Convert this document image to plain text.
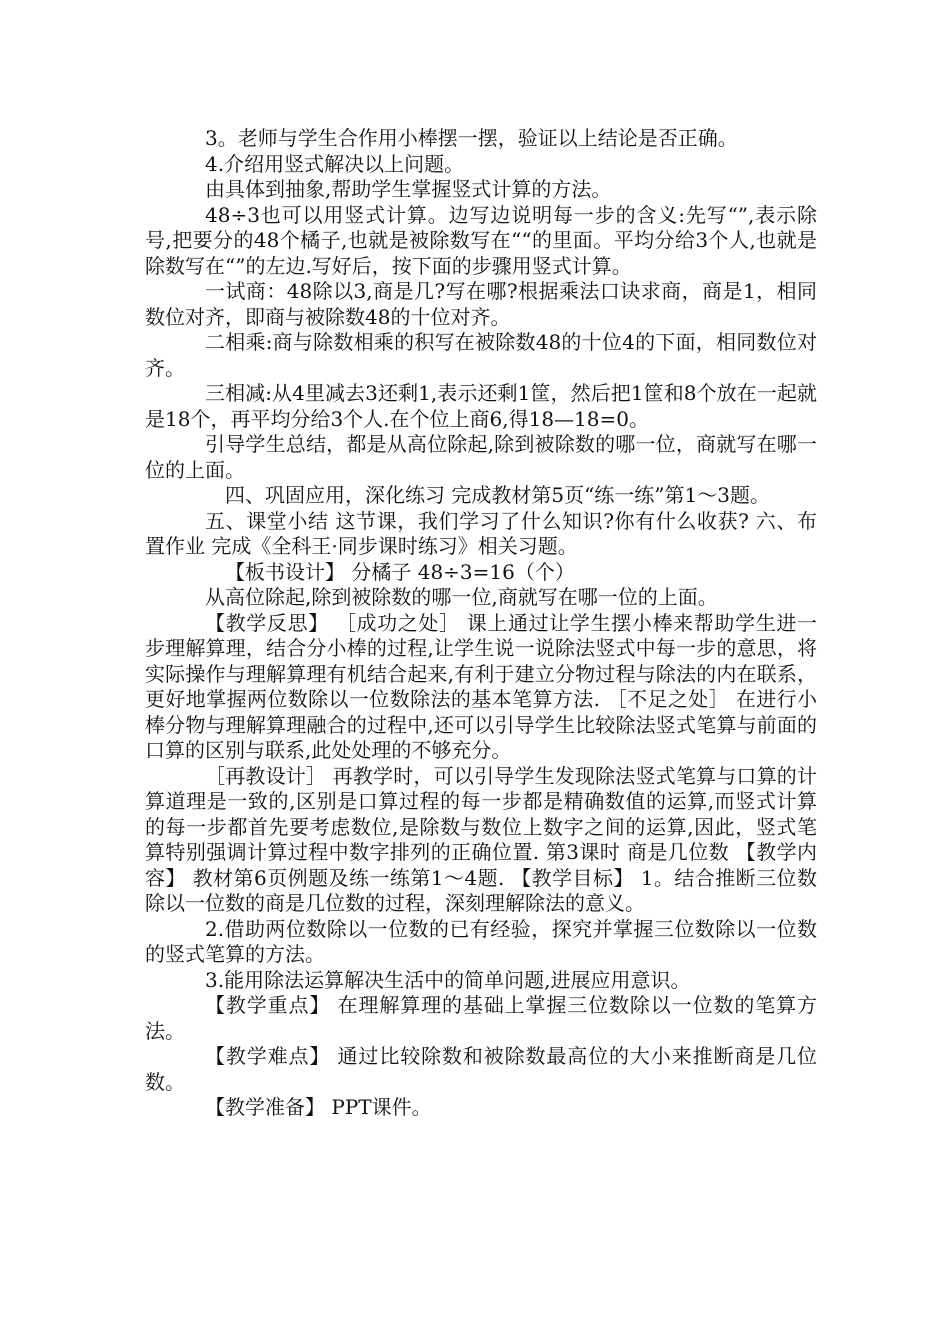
3。老师与学生合作用小棒摆一摆，验证以上结论是否正确。

4.介绍用竖式解决以上问题。

由具体到抽象,帮助学生掌握竖式计算的方法。

48÷3也可以用竖式计算。边写边说明每一步的含义:先写“”,表示除号,把要分的48个橘子,也就是被除数写在““的里面。平均分给3个人,也就是除数写在“”的左边.写好后，按下面的步骤用竖式计算。

一试商：48除以3,商是几?写在哪?根据乘法口诀求商，商是1，相同数位对齐，即商与被除数48的十位对齐。

二相乘:商与除数相乘的积写在被除数48的十位4的下面，相同数位对齐。

三相减:从4里减去3还剩1,表示还剩1筐，然后把1筐和8个放在一起就是18个，再平均分给3个人.在个位上商6,得18—18=0。

引导学生总结，都是从高位除起,除到被除数的哪一位，商就写在哪一位的上面。

四、巩固应用，深化练习 完成教材第5页“练一练”第1～3题。

五、课堂小结 这节课，我们学习了什么知识?你有什么收获? 六、布置作业 完成《全科王·同步课时练习》相关习题。

【板书设计】 分橘子 48÷3=16（个）

从高位除起,除到被除数的哪一位,商就写在哪一位的上面。

【教学反思】 ［成功之处］ 课上通过让学生摆小棒来帮助学生进一步理解算理，结合分小棒的过程,让学生说一说除法竖式中每一步的意思，将实际操作与理解算理有机结合起来,有利于建立分物过程与除法的内在联系，更好地掌握两位数除以一位数除法的基本笔算方法. ［不足之处］ 在进行小棒分物与理解算理融合的过程中,还可以引导学生比较除法竖式笔算与前面的口算的区别与联系,此处处理的不够充分。

［再教设计］ 再教学时，可以引导学生发现除法竖式笔算与口算的计算道理是一致的,区别是口算过程的每一步都是精确数值的运算,而竖式计算的每一步都首先要考虑数位,是除数与数位上数字之间的运算,因此，竖式笔算特别强调计算过程中数字排列的正确位置. 第3课时 商是几位数 【教学内容】 教材第6页例题及练一练第1～4题. 【教学目标】 1。结合推断三位数除以一位数的商是几位数的过程，深刻理解除法的意义。

2.借助两位数除以一位数的已有经验，探究并掌握三位数除以一位数的竖式笔算的方法。

3.能用除法运算解决生活中的简单问题,进展应用意识。

【教学重点】 在理解算理的基础上掌握三位数除以一位数的笔算方法。

【教学难点】 通过比较除数和被除数最高位的大小来推断商是几位数。

【教学准备】 PPT课件。
